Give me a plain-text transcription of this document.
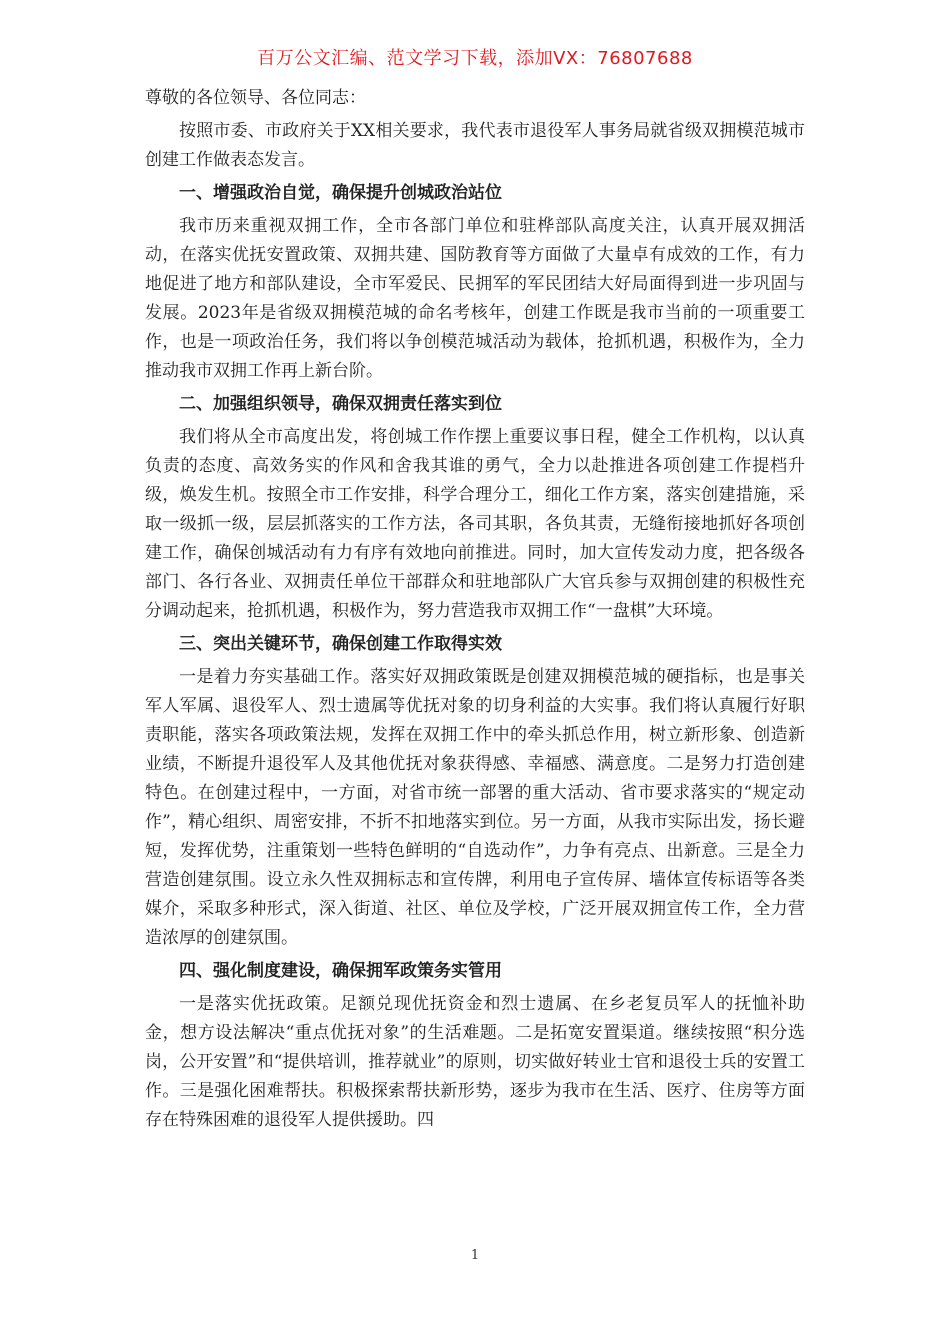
百万公文汇编、范文学习下载，添加VX：76807688

尊敬的各位领导、各位同志：

按照市委、市政府关于XX相关要求，我代表市退役军人事务局就省级双拥模范城市创建工作做表态发言。

一、增强政治自觉，确保提升创城政治站位

我市历来重视双拥工作，全市各部门单位和驻桦部队高度关注，认真开展双拥活动，在落实优抚安置政策、双拥共建、国防教育等方面做了大量卓有成效的工作，有力地促进了地方和部队建设，全市军爱民、民拥军的军民团结大好局面得到进一步巩固与发展。2023年是省级双拥模范城的命名考核年，创建工作既是我市当前的一项重要工作，也是一项政治任务，我们将以争创模范城活动为载体，抢抓机遇，积极作为，全力推动我市双拥工作再上新台阶。

二、加强组织领导，确保双拥责任落实到位

我们将从全市高度出发，将创城工作作摆上重要议事日程，健全工作机构，以认真负责的态度、高效务实的作风和舍我其谁的勇气，全力以赴推进各项创建工作提档升级，焕发生机。按照全市工作安排，科学合理分工，细化工作方案，落实创建措施，采取一级抓一级，层层抓落实的工作方法，各司其职，各负其责，无缝衔接地抓好各项创建工作，确保创城活动有力有序有效地向前推进。同时，加大宣传发动力度，把各级各部门、各行各业、双拥责任单位干部群众和驻地部队广大官兵参与双拥创建的积极性充分调动起来，抢抓机遇，积极作为，努力营造我市双拥工作“一盘棋”大环境。

三、突出关键环节，确保创建工作取得实效

一是着力夯实基础工作。落实好双拥政策既是创建双拥模范城的硬指标，也是事关军人军属、退役军人、烈士遗属等优抚对象的切身利益的大实事。我们将认真履行好职责职能，落实各项政策法规，发挥在双拥工作中的牵头抓总作用，树立新形象、创造新业绩，不断提升退役军人及其他优抚对象获得感、幸福感、满意度。二是努力打造创建特色。在创建过程中，一方面，对省市统一部署的重大活动、省市要求落实的“规定动作”，精心组织、周密安排，不折不扣地落实到位。另一方面，从我市实际出发，扬长避短，发挥优势，注重策划一些特色鲜明的“自选动作”，力争有亮点、出新意。三是全力营造创建氛围。设立永久性双拥标志和宣传牌，利用电子宣传屏、墙体宣传标语等各类媒介，采取多种形式，深入街道、社区、单位及学校，广泛开展双拥宣传工作，全力营造浓厚的创建氛围。

四、强化制度建设，确保拥军政策务实管用

一是落实优抚政策。足额兑现优抚资金和烈士遗属、在乡老复员军人的抚恤补助金，想方设法解决“重点优抚对象”的生活难题。二是拓宽安置渠道。继续按照“积分选岗，公开安置”和“提供培训，推荐就业”的原则，切实做好转业士官和退役士兵的安置工作。三是强化困难帮扶。积极探索帮扶新形势，逐步为我市在生活、医疗、住房等方面存在特殊困难的退役军人提供援助。四

1
